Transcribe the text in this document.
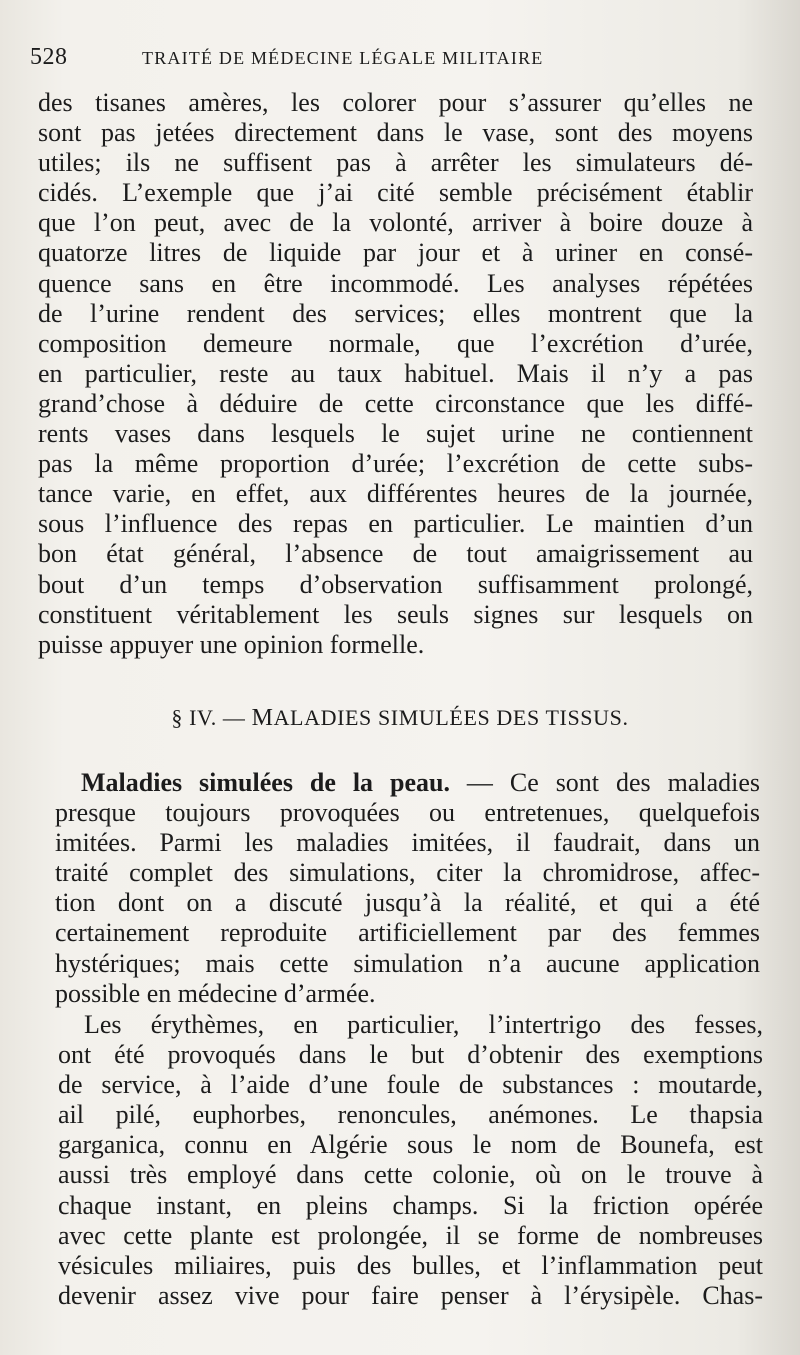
528	TRAITÉ DE MÉDECINE LÉGALE MILITAIRE
des tisanes amères, les colorer pour s’assurer qu’elles ne
sont pas jetées directement dans le vase, sont des moyens
utiles; ils ne suffisent pas à arrêter les simulateurs dé-
cidés. L’exemple que j’ai cité semble précisément établir
que l’on peut, avec de la volonté, arriver à boire douze à
quatorze litres de liquide par jour et à uriner en consé-
quence sans en être incommodé. Les analyses répétées
de l’urine rendent des services; elles montrent que la
composition demeure normale, que l’excrétion d’urée,
en particulier, reste au taux habituel. Mais il n’y a pas
grand’chose à déduire de cette circonstance que les diffé-
rents vases dans lesquels le sujet urine ne contiennent
pas la même proportion d’urée; l’excrétion de cette subs-
tance varie, en effet, aux différentes heures de la journée,
sous l’influence des repas en particulier. Le maintien d’un
bon état général, l’absence de tout amaigrissement au
bout d’un temps d’observation suffisamment prolongé,
constituent véritablement les seuls signes sur lesquels on
puisse appuyer une opinion formelle.
§ IV. — MALADIES SIMULÉES DES TISSUS.
Maladies simulées de la peau. — Ce sont des maladies
presque toujours provoquées ou entretenues, quelquefois
imitées. Parmi les maladies imitées, il faudrait, dans un
traité complet des simulations, citer la chromidrose, affec-
tion dont on a discuté jusqu’à la réalité, et qui a été
certainement reproduite artificiellement par des femmes
hystériques; mais cette simulation n’a aucune application
possible en médecine d’armée.
Les érythèmes, en particulier, l’intertrigo des fesses,
ont été provoqués dans le but d’obtenir des exemptions
de service, à l’aide d’une foule de substances : moutarde,
ail pilé, euphorbes, renoncules, anémones. Le thapsia
garganica, connu en Algérie sous le nom de Bounefa, est
aussi très employé dans cette colonie, où on le trouve à
chaque instant, en pleins champs. Si la friction opérée
avec cette plante est prolongée, il se forme de nombreuses
vésicules miliaires, puis des bulles, et l’inflammation peut
devenir assez vive pour faire penser à l’érysipèle. Chas-
